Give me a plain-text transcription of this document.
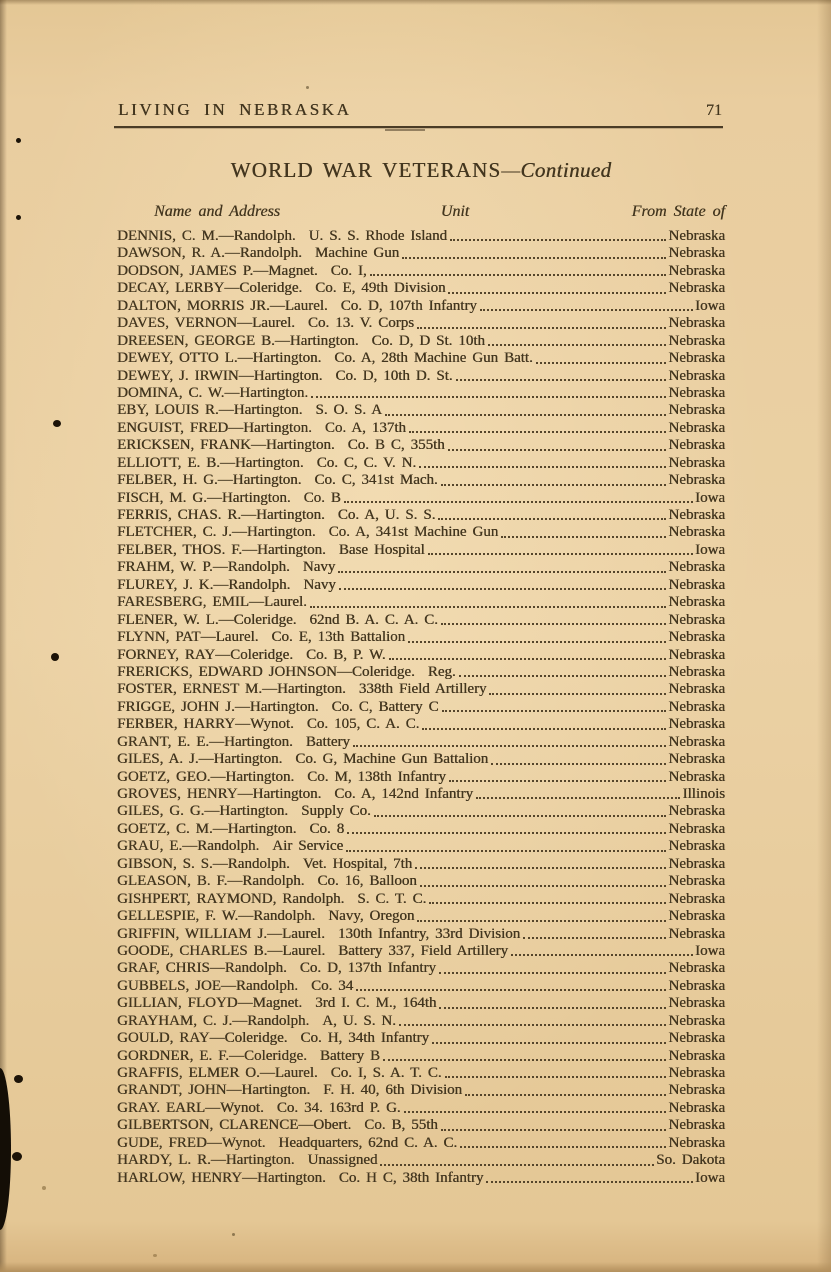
LIVING IN NEBRASKA	71
WORLD WAR VETERANS—Continued
Name and Address	Unit	From State of
DENNIS, C. M.—Randolph. U. S. S. Rhode Island	Nebraska
DAWSON, R. A.—Randolph. Machine Gun	Nebraska
DODSON, JAMES P.—Magnet. Co. I,	Nebraska
DECAY, LERBY—Coleridge. Co. E, 49th Division	Nebraska
DALTON, MORRIS JR.—Laurel. Co. D, 107th Infantry	Iowa
DAVES, VERNON—Laurel. Co. 13. V. Corps	Nebraska
DREESEN, GEORGE B.—Hartington. Co. D, D St. 10th	Nebraska
DEWEY, OTTO L.—Hartington. Co. A, 28th Machine Gun Batt.	Nebraska
DEWEY, J. IRWIN—Hartington. Co. D, 10th D. St.	Nebraska
DOMINA, C. W.—Hartington.	Nebraska
EBY, LOUIS R.—Hartington. S. O. S. A	Nebraska
ENGUIST, FRED—Hartington. Co. A, 137th	Nebraska
ERICKSEN, FRANK—Hartington. Co. B C, 355th	Nebraska
ELLIOTT, E. B.—Hartington. Co. C, C. V. N.	Nebraska
FELBER, H. G.—Hartington. Co. C, 341st Mach.	Nebraska
FISCH, M. G.—Hartington. Co. B	Iowa
FERRIS, CHAS. R.—Hartington. Co. A, U. S. S.	Nebraska
FLETCHER, C. J.—Hartington. Co. A, 341st Machine Gun	Nebraska
FELBER, THOS. F.—Hartington. Base Hospital	Iowa
FRAHM, W. P.—Randolph. Navy	Nebraska
FLUREY, J. K.—Randolph. Navy	Nebraska
FARESBERG, EMIL—Laurel.	Nebraska
FLENER, W. L.—Coleridge. 62nd B. A. C. A. C.	Nebraska
FLYNN, PAT—Laurel. Co. E, 13th Battalion	Nebraska
FORNEY, RAY—Coleridge. Co. B, P. W.	Nebraska
FRERICKS, EDWARD JOHNSON—Coleridge. Reg.	Nebraska
FOSTER, ERNEST M.—Hartington. 338th Field Artillery	Nebraska
FRIGGE, JOHN J.—Hartington. Co. C, Battery C	Nebraska
FERBER, HARRY—Wynot. Co. 105, C. A. C.	Nebraska
GRANT, E. E.—Hartington. Battery	Nebraska
GILES, A. J.—Hartington. Co. G, Machine Gun Battalion	Nebraska
GOETZ, GEO.—Hartington. Co. M, 138th Infantry	Nebraska
GROVES, HENRY—Hartington. Co. A, 142nd Infantry	Illinois
GILES, G. G.—Hartington. Supply Co.	Nebraska
GOETZ, C. M.—Hartington. Co. 8	Nebraska
GRAU, E.—Randolph. Air Service	Nebraska
GIBSON, S. S.—Randolph. Vet. Hospital, 7th	Nebraska
GLEASON, B. F.—Randolph. Co. 16, Balloon	Nebraska
GISHPERT, RAYMOND, Randolph. S. C. T. C.	Nebraska
GELLESPIE, F. W.—Randolph. Navy, Oregon	Nebraska
GRIFFIN, WILLIAM J.—Laurel. 130th Infantry, 33rd Division	Nebraska
GOODE, CHARLES B.—Laurel. Battery 337, Field Artillery	Iowa
GRAF, CHRIS—Randolph. Co. D, 137th Infantry	Nebraska
GUBBELS, JOE—Randolph. Co. 34	Nebraska
GILLIAN, FLOYD—Magnet. 3rd I. C. M., 164th	Nebraska
GRAYHAM, C. J.—Randolph. A, U. S. N.	Nebraska
GOULD, RAY—Coleridge. Co. H, 34th Infantry	Nebraska
GORDNER, E. F.—Coleridge. Battery B	Nebraska
GRAFFIS, ELMER O.—Laurel. Co. I, S. A. T. C.	Nebraska
GRANDT, JOHN—Hartington. F. H. 40, 6th Division	Nebraska
GRAY. EARL—Wynot. Co. 34. 163rd P. G.	Nebraska
GILBERTSON, CLARENCE—Obert. Co. B, 55th	Nebraska
GUDE, FRED—Wynot. Headquarters, 62nd C. A. C.	Nebraska
HARDY, L. R.—Hartington. Unassigned	So. Dakota
HARLOW, HENRY—Hartington. Co. H C, 38th Infantry	Iowa
